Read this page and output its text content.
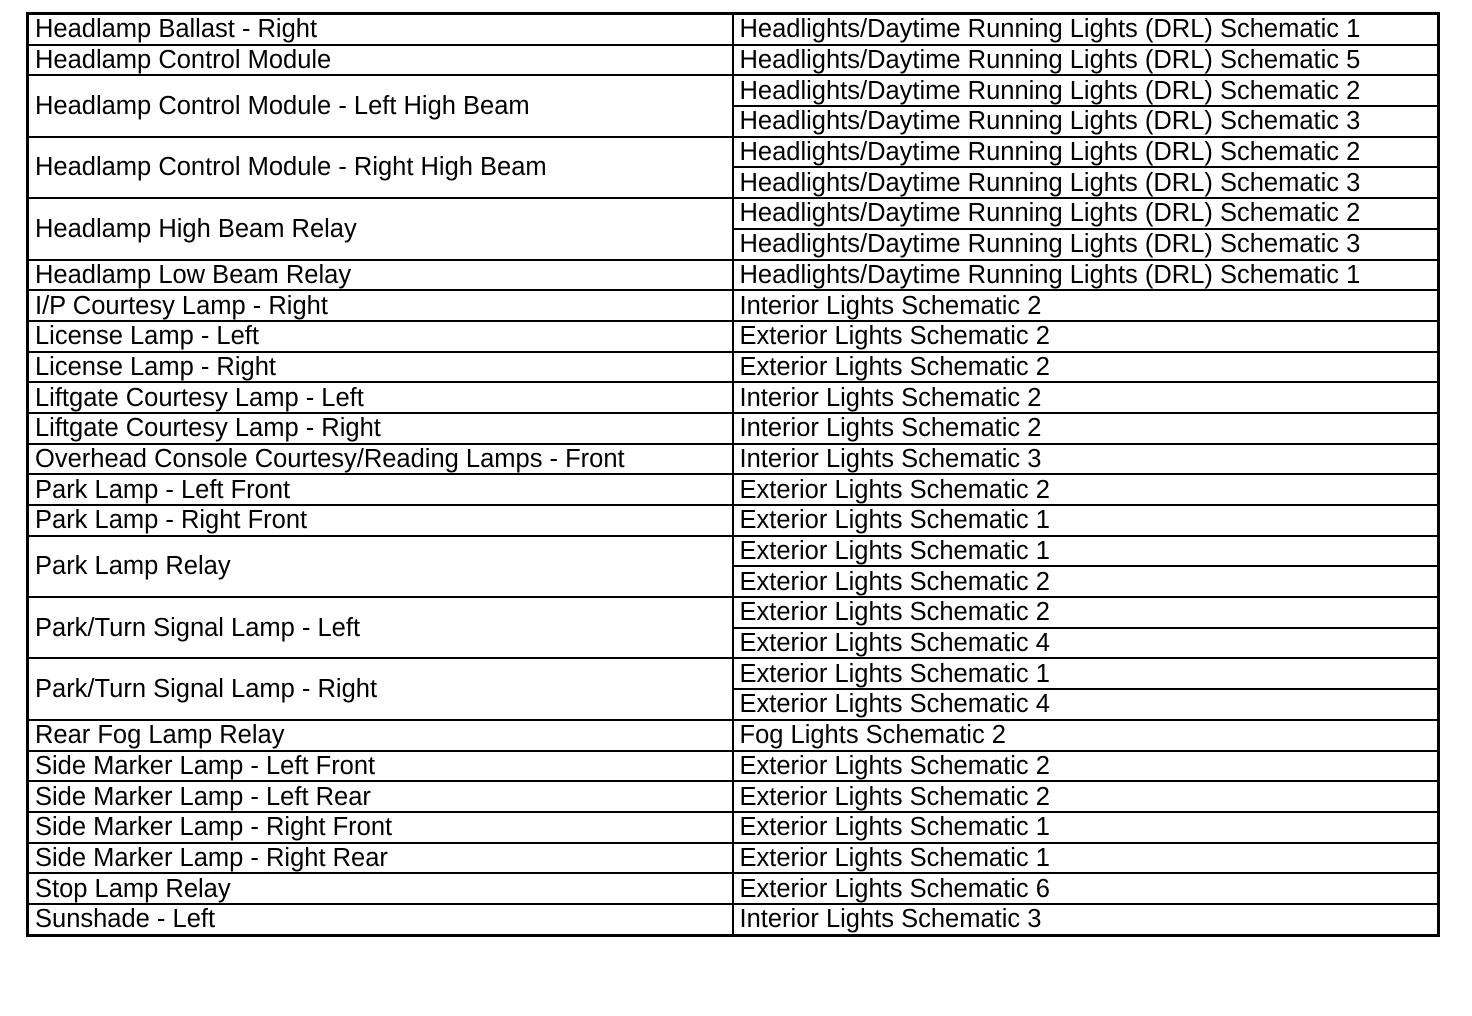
Headlamp Ballast - Right	Headlights/Daytime Running Lights (DRL) Schematic 1
Headlamp Control Module	Headlights/Daytime Running Lights (DRL) Schematic 5
Headlamp Control Module - Left High Beam	Headlights/Daytime Running Lights (DRL) Schematic 2
	Headlights/Daytime Running Lights (DRL) Schematic 3
Headlamp Control Module - Right High Beam	Headlights/Daytime Running Lights (DRL) Schematic 2
	Headlights/Daytime Running Lights (DRL) Schematic 3
Headlamp High Beam Relay	Headlights/Daytime Running Lights (DRL) Schematic 2
	Headlights/Daytime Running Lights (DRL) Schematic 3
Headlamp Low Beam Relay	Headlights/Daytime Running Lights (DRL) Schematic 1
I/P Courtesy Lamp - Right	Interior Lights Schematic 2
License Lamp - Left	Exterior Lights Schematic 2
License Lamp - Right	Exterior Lights Schematic 2
Liftgate Courtesy Lamp - Left	Interior Lights Schematic 2
Liftgate Courtesy Lamp - Right	Interior Lights Schematic 2
Overhead Console Courtesy/Reading Lamps - Front	Interior Lights Schematic 3
Park Lamp - Left Front	Exterior Lights Schematic 2
Park Lamp - Right Front	Exterior Lights Schematic 1
Park Lamp Relay	Exterior Lights Schematic 1
	Exterior Lights Schematic 2
Park/Turn Signal Lamp - Left	Exterior Lights Schematic 2
	Exterior Lights Schematic 4
Park/Turn Signal Lamp - Right	Exterior Lights Schematic 1
	Exterior Lights Schematic 4
Rear Fog Lamp Relay	Fog Lights Schematic 2
Side Marker Lamp - Left Front	Exterior Lights Schematic 2
Side Marker Lamp - Left Rear	Exterior Lights Schematic 2
Side Marker Lamp - Right Front	Exterior Lights Schematic 1
Side Marker Lamp - Right Rear	Exterior Lights Schematic 1
Stop Lamp Relay	Exterior Lights Schematic 6
Sunshade - Left	Interior Lights Schematic 3
